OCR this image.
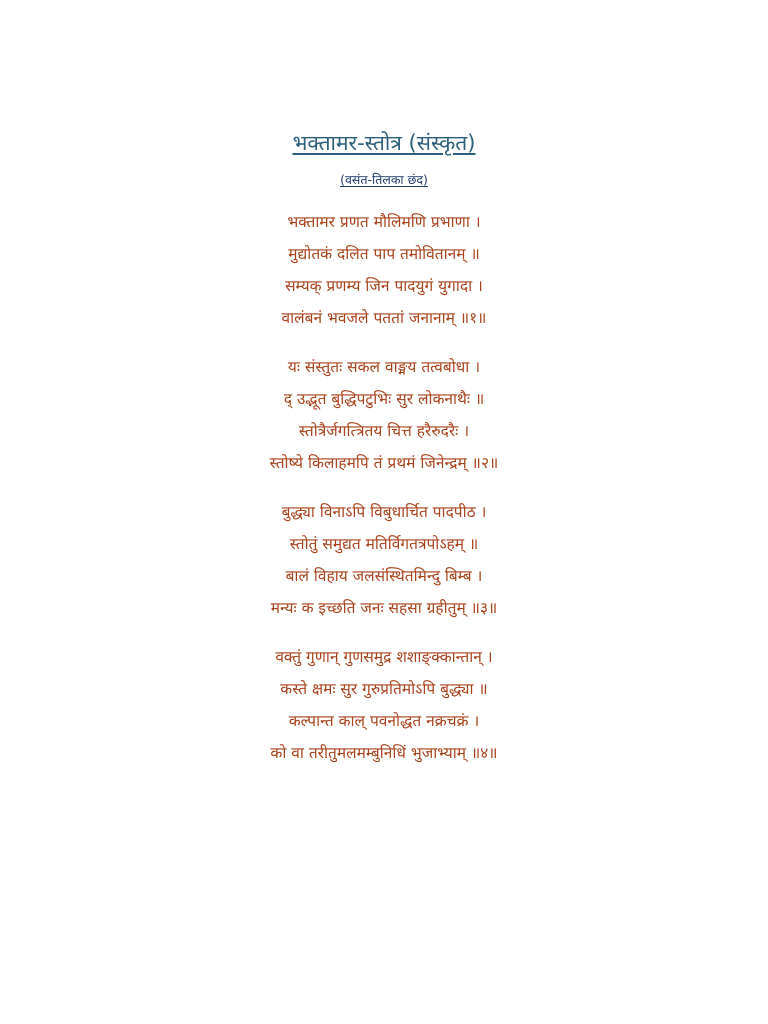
भक्तामर-स्तोत्र (संस्कृत)
(वसंत-तिलका छंद)
भक्तामर प्रणत मौलिमणि प्रभाणा ।
मुद्योतकं दलित पाप तमोवितानम् ॥
सम्यक् प्रणम्य जिन पादयुगं युगादा ।
वालंबनं भवजले पततां जनानाम् ॥१॥
यः संस्तुतः सकल वाङ्मय तत्वबोधा ।
द् उद्भूत बुद्धिपटुभिः सुर लोकनाथैः ॥
स्तोत्रैर्जगत्त्रितय चित्त हरैरुदरैः ।
स्तोष्ये किलाहमपि तं प्रथमं जिनेन्द्रम् ॥२॥
बुद्ध्या विनाऽपि विबुधार्चित पादपीठ ।
स्तोतुं समुद्यत मतिर्विगतत्रपोऽहम् ॥
बालं विहाय जलसंस्थितमिन्दु बिम्ब ।
मन्यः क इच्छति जनः सहसा ग्रहीतुम् ॥३॥
वक्तुं गुणान् गुणसमुद्र शशाङ्क्कान्तान् ।
कस्ते क्षमः सुर गुरुप्रतिमोऽपि बुद्ध्या ॥
कल्पान्त काल् पवनोद्धत नक्रचक्रं ।
को वा तरीतुमलमम्बुनिधिं भुजाभ्याम् ॥४॥
